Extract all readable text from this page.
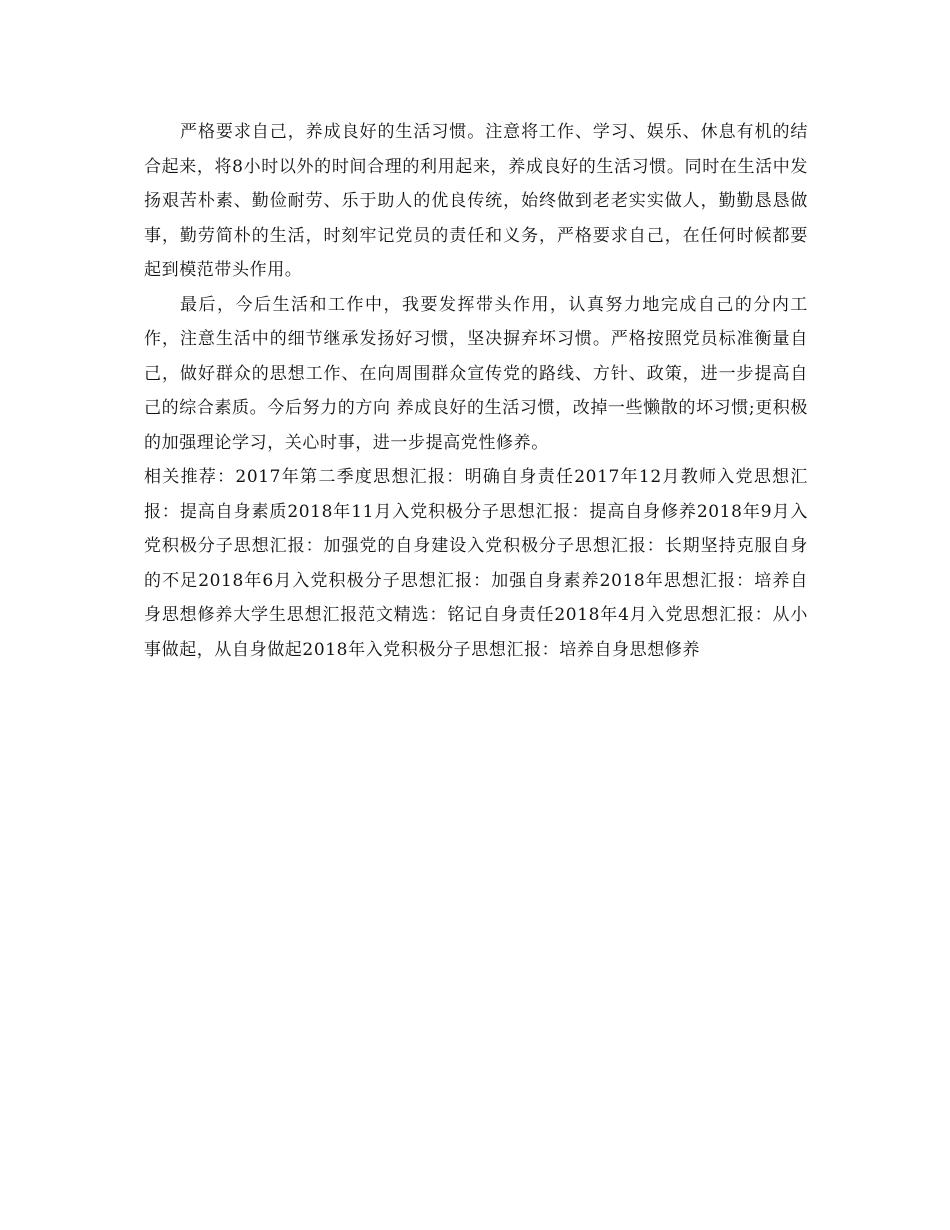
严格要求自己，养成良好的生活习惯。注意将工作、学习、娱乐、休息有机的结合起来，将8小时以外的时间合理的利用起来，养成良好的生活习惯。同时在生活中发扬艰苦朴素、勤俭耐劳、乐于助人的优良传统，始终做到老老实实做人，勤勤恳恳做事，勤劳简朴的生活，时刻牢记党员的责任和义务，严格要求自己，在任何时候都要起到模范带头作用。

最后，今后生活和工作中，我要发挥带头作用，认真努力地完成自己的分内工作，注意生活中的细节继承发扬好习惯，坚决摒弃坏习惯。严格按照党员标准衡量自己，做好群众的思想工作、在向周围群众宣传党的路线、方针、政策，进一步提高自己的综合素质。今后努力的方向 养成良好的生活习惯，改掉一些懒散的坏习惯;更积极的加强理论学习，关心时事，进一步提高党性修养。

相关推荐：2017年第二季度思想汇报：明确自身责任2017年12月教师入党思想汇报：提高自身素质2018年11月入党积极分子思想汇报：提高自身修养2018年9月入党积极分子思想汇报：加强党的自身建设入党积极分子思想汇报：长期坚持克服自身的不足2018年6月入党积极分子思想汇报：加强自身素养2018年思想汇报：培养自身思想修养大学生思想汇报范文精选：铭记自身责任2018年4月入党思想汇报：从小事做起，从自身做起2018年入党积极分子思想汇报：培养自身思想修养
